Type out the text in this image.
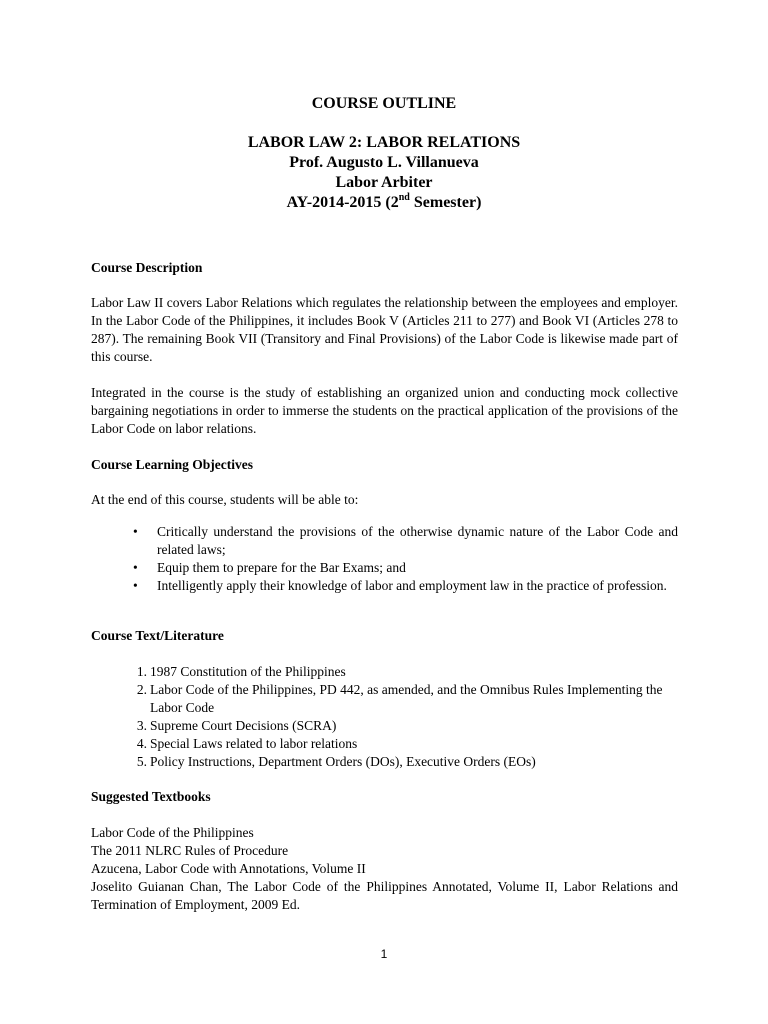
COURSE OUTLINE
LABOR LAW 2: LABOR RELATIONS
Prof. Augusto L. Villanueva
Labor Arbiter
AY-2014-2015 (2nd Semester)
Course Description
Labor Law II covers Labor Relations which regulates the relationship between the employees and employer. In the Labor Code of the Philippines, it includes Book V (Articles 211 to 277) and Book VI (Articles 278 to 287). The remaining Book VII (Transitory and Final Provisions) of the Labor Code is likewise made part of this course.
Integrated in the course is the study of establishing an organized union and conducting mock collective bargaining negotiations in order to immerse the students on the practical application of the provisions of the Labor Code on labor relations.
Course Learning Objectives
At the end of this course, students will be able to:
• Critically understand the provisions of the otherwise dynamic nature of the Labor Code and related laws;
• Equip them to prepare for the Bar Exams; and
• Intelligently apply their knowledge of labor and employment law in the practice of profession.
Course Text/Literature
1. 1987 Constitution of the Philippines
2. Labor Code of the Philippines, PD 442, as amended, and the Omnibus Rules Implementing the Labor Code
3. Supreme Court Decisions (SCRA)
4. Special Laws related to labor relations
5. Policy Instructions, Department Orders (DOs), Executive Orders (EOs)
Suggested Textbooks
Labor Code of the Philippines
The 2011 NLRC Rules of Procedure
Azucena, Labor Code with Annotations, Volume II
Joselito Guianan Chan, The Labor Code of the Philippines Annotated, Volume II, Labor Relations and Termination of Employment, 2009 Ed.
1
